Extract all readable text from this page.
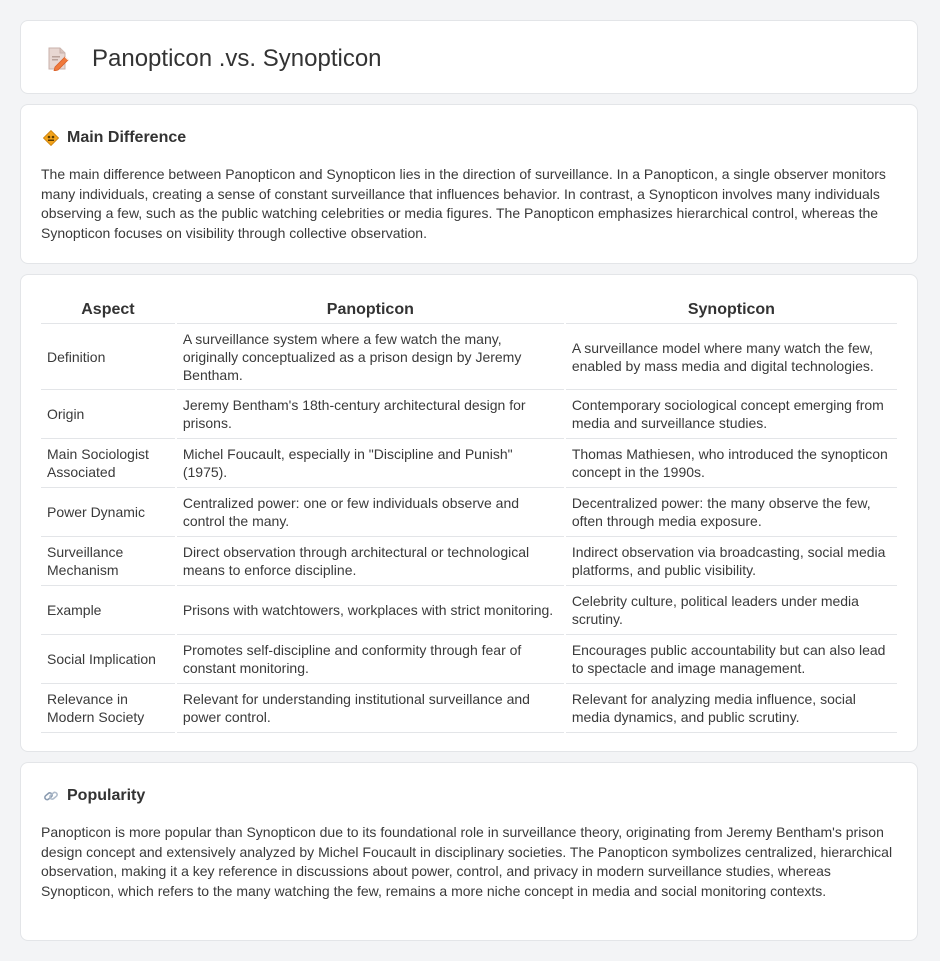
Panopticon .vs. Synopticon
Main Difference

The main difference between Panopticon and Synopticon lies in the direction of surveillance. In a Panopticon, a single observer monitors many individuals, creating a sense of constant surveillance that influences behavior. In contrast, a Synopticon involves many individuals observing a few, such as the public watching celebrities or media figures. The Panopticon emphasizes hierarchical control, whereas the Synopticon focuses on visibility through collective observation.

Aspect	Panopticon	Synopticon
Definition	A surveillance system where a few watch the many, originally conceptualized as a prison design by Jeremy Bentham.	A surveillance model where many watch the few, enabled by mass media and digital technologies.
Origin	Jeremy Bentham's 18th-century architectural design for prisons.	Contemporary sociological concept emerging from media and surveillance studies.
Main Sociologist Associated	Michel Foucault, especially in "Discipline and Punish" (1975).	Thomas Mathiesen, who introduced the synopticon concept in the 1990s.
Power Dynamic	Centralized power: one or few individuals observe and control the many.	Decentralized power: the many observe the few, often through media exposure.
Surveillance Mechanism	Direct observation through architectural or technological means to enforce discipline.	Indirect observation via broadcasting, social media platforms, and public visibility.
Example	Prisons with watchtowers, workplaces with strict monitoring.	Celebrity culture, political leaders under media scrutiny.
Social Implication	Promotes self-discipline and conformity through fear of constant monitoring.	Encourages public accountability but can also lead to spectacle and image management.
Relevance in Modern Society	Relevant for understanding institutional surveillance and power control.	Relevant for analyzing media influence, social media dynamics, and public scrutiny.
Popularity

Panopticon is more popular than Synopticon due to its foundational role in surveillance theory, originating from Jeremy Bentham's prison design concept and extensively analyzed by Michel Foucault in disciplinary societies. The Panopticon symbolizes centralized, hierarchical observation, making it a key reference in discussions about power, control, and privacy in modern surveillance studies, whereas Synopticon, which refers to the many watching the few, remains a more niche concept in media and social monitoring contexts.
